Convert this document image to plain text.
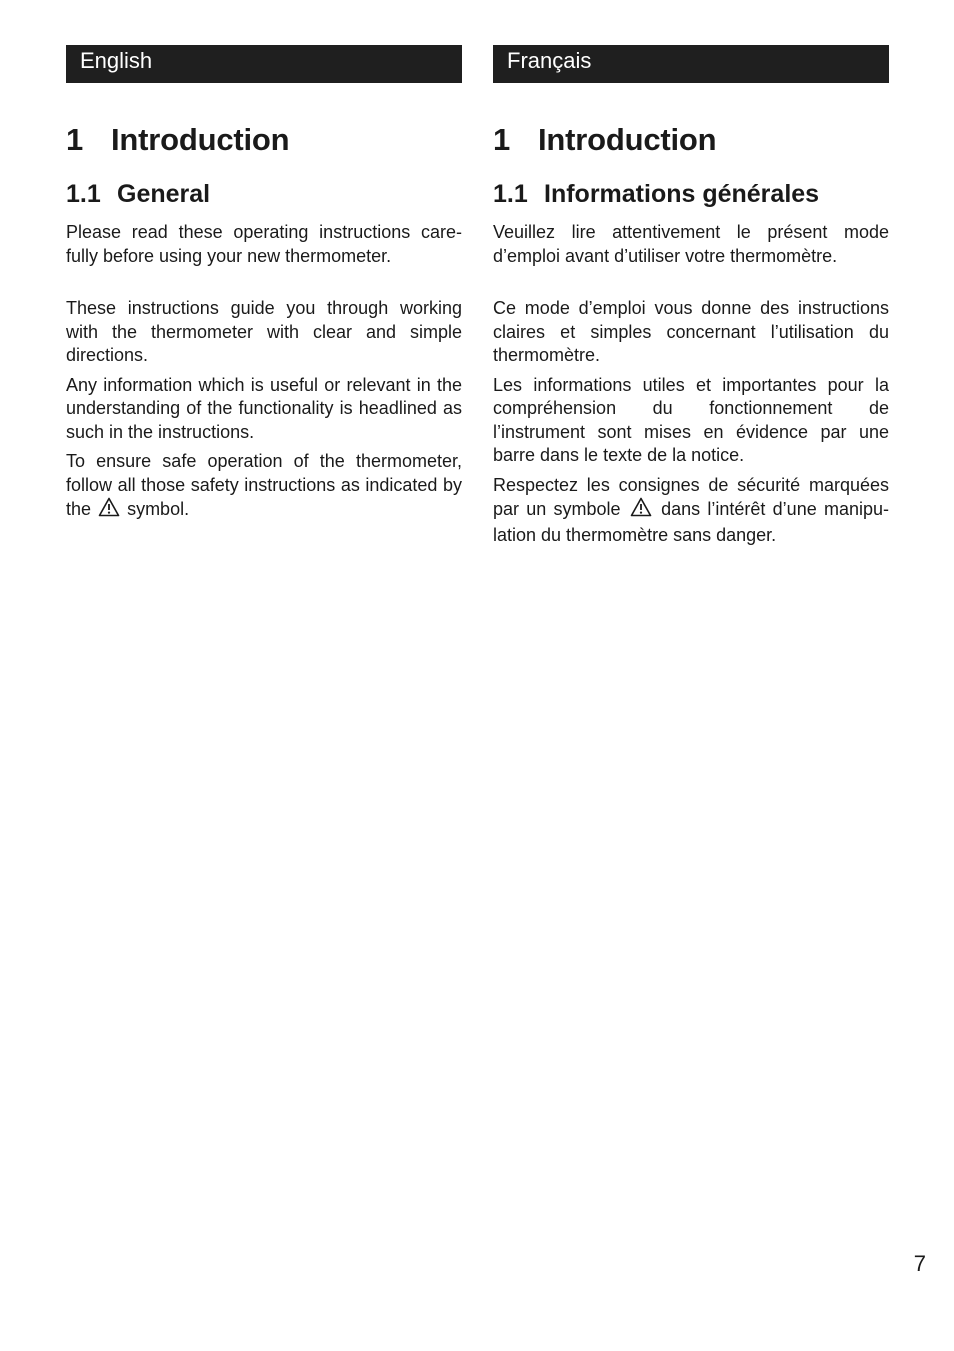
English
1 Introduction
1.1 General

Please read these operating instructions care-fully before using your new thermometer.

These instructions guide you through working with the thermometer with clear and simple directions.

Any information which is useful or relevant in the understanding of the functionality is headlined as such in the instructions.

To ensure safe operation of the thermometer, follow all those safety instructions as indicated by the symbol.

Français
1 Introduction
1.1 Informations générales

Veuillez lire attentivement le présent mode d’emploi avant d’utiliser votre thermomètre.

Ce mode d’emploi vous donne des instructions claires et simples concernant l’utilisation du thermomètre.

Les informations utiles et importantes pour la compréhension du fonctionnement de l’instrument sont mises en évidence par une barre dans le texte de la notice.

Respectez les consignes de sécurité marquées par un symbole dans l’intérêt d’une manipu-lation du thermomètre sans danger.

7
